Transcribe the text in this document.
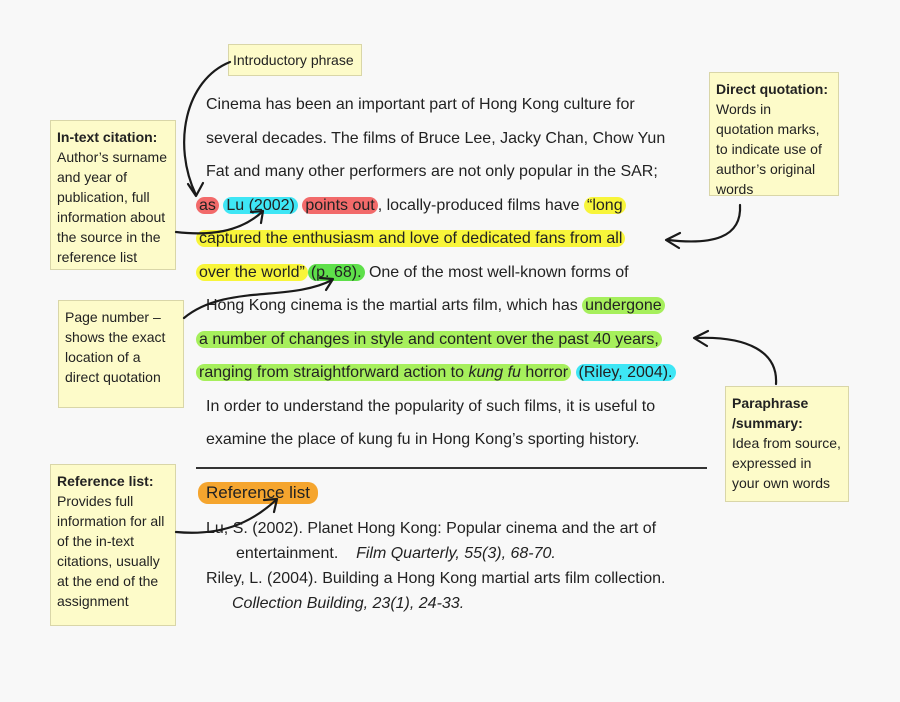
Introductory phrase
In-text citation:
Author’s surname and year of publication, full information about the source in the reference list
Direct quotation:
Words in quotation marks, to indicate use of author’s original words
Page number –shows the exact location of a direct quotation
Paraphrase /summary:
Idea from source, expressed in your own words
Reference list:
Provides full information for all of the in-text citations, usually at the end of the assignment
Cinema has been an important part of Hong Kong culture for
several decades. The films of Bruce Lee, Jacky Chan, Chow Yun
Fat and many other performers are not only popular in the SAR;
as Lu (2002) points out , locally-produced films have “long
captured the enthusiasm and love of dedicated fans from all
over the world” (p. 68). One of the most well-known forms of
Hong Kong cinema is the martial arts film, which has undergone
a number of changes in style and content over the past 40 years,
ranging from straightforward action to kung fu horror (Riley, 2004).
In order to understand the popularity of such films, it is useful to
examine the place of kung fu in Hong Kong’s sporting history.
Reference list
Lu, S. (2002). Planet Hong Kong: Popular cinema and the art of
entertainment. Film Quarterly, 55(3), 68-70.
Riley, L. (2004). Building a Hong Kong martial arts film collection.
Collection Building, 23(1), 24-33.
